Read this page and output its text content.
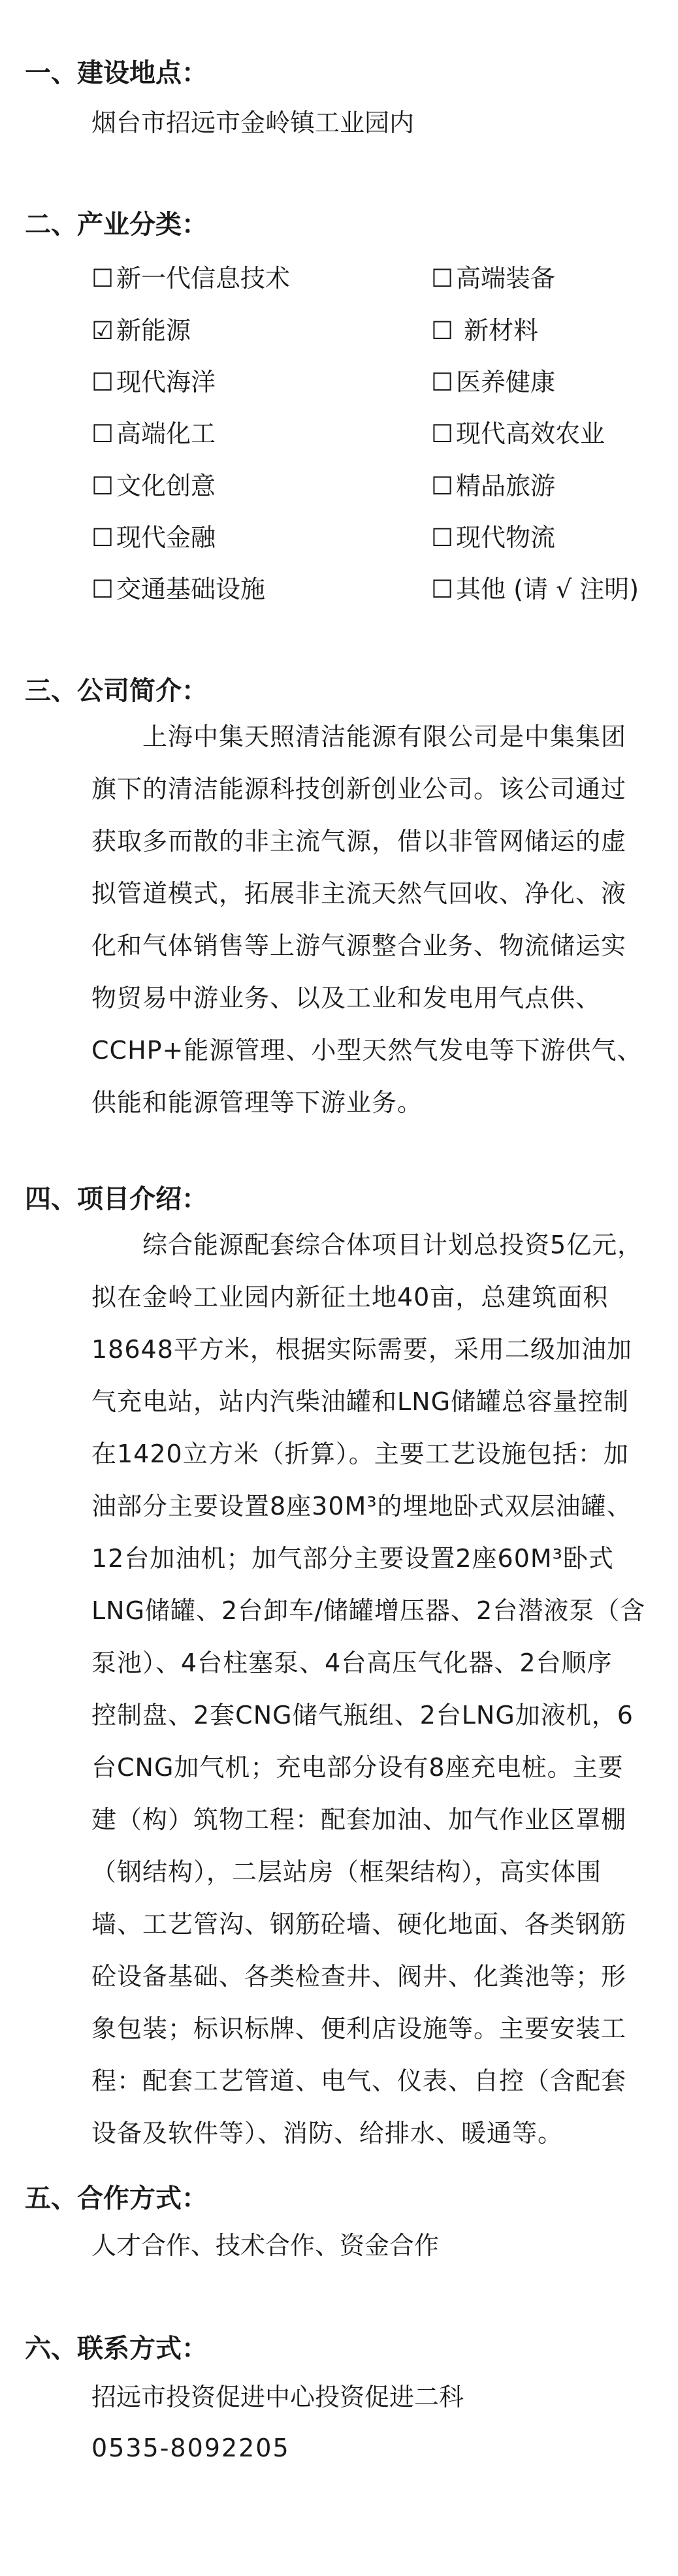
一、建设地点：
烟台市招远市金岭镇工业园内
二、产业分类：
☐ 新一代信息技术	☐ 高端装备
☑ 新能源	☐ 新材料
☐ 现代海洋	☐ 医养健康
☐ 高端化工	☐ 现代高效农业
☐ 文化创意	☐ 精品旅游
☐ 现代金融	☐ 现代物流
☐ 交通基础设施	☐ 其他 (请 √ 注明)
三、公司简介：
上海中集天照清洁能源有限公司是中集集团
旗下的清洁能源科技创新创业公司。该公司通过
获取多而散的非主流气源，借以非管网储运的虚
拟管道模式，拓展非主流天然气回收、净化、液
化和气体销售等上游气源整合业务、物流储运实
物贸易中游业务、以及工业和发电用气点供、
CCHP+能源管理、小型天然气发电等下游供气、
供能和能源管理等下游业务。
四、项目介绍：
综合能源配套综合体项目计划总投资5亿元，
拟在金岭工业园内新征土地40亩，总建筑面积
18648平方米，根据实际需要，采用二级加油加
气充电站，站内汽柴油罐和LNG储罐总容量控制
在1420立方米（折算）。主要工艺设施包括：加
油部分主要设置8座30M³的埋地卧式双层油罐、
12台加油机；加气部分主要设置2座60M³卧式
LNG储罐、2台卸车/储罐增压器、2台潜液泵（含
泵池）、4台柱塞泵、4台高压气化器、2台顺序
控制盘、2套CNG储气瓶组、2台LNG加液机，6
台CNG加气机；充电部分设有8座充电桩。主要
建（构）筑物工程：配套加油、加气作业区罩棚
（钢结构），二层站房（框架结构），高实体围
墙、工艺管沟、钢筋砼墙、硬化地面、各类钢筋
砼设备基础、各类检查井、阀井、化粪池等；形
象包装；标识标牌、便利店设施等。主要安装工
程：配套工艺管道、电气、仪表、自控（含配套
设备及软件等）、消防、给排水、暖通等。
五、合作方式：
人才合作、技术合作、资金合作
六、联系方式：
招远市投资促进中心投资促进二科
0535-8092205
